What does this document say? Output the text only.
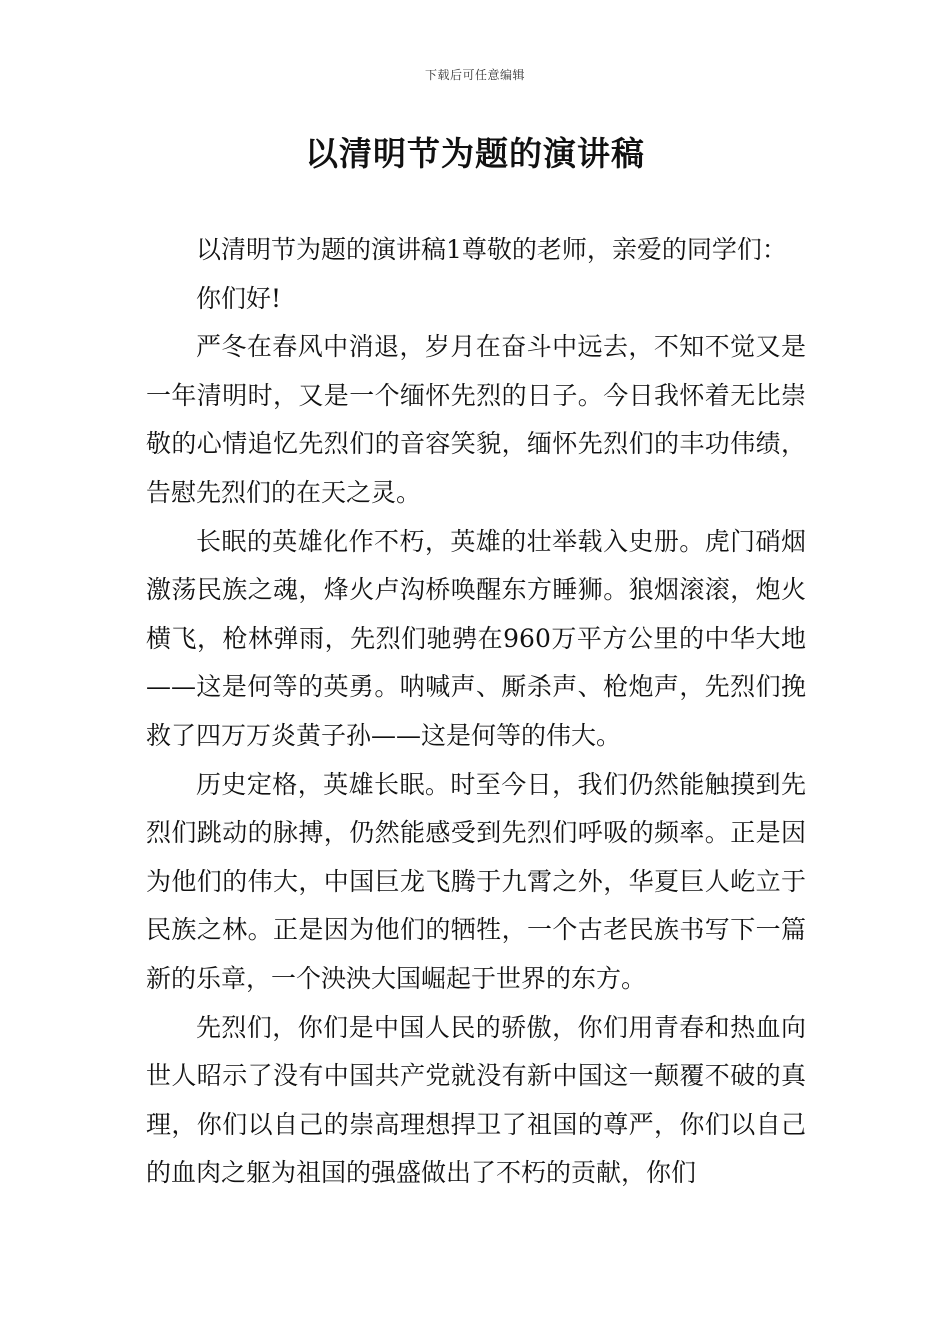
下载后可任意编辑
以清明节为题的演讲稿

以清明节为题的演讲稿1尊敬的老师，亲爱的同学们：

你们好!

严冬在春风中消退，岁月在奋斗中远去，不知不觉又是一年清明时，又是一个缅怀先烈的日子。今日我怀着无比崇敬的心情追忆先烈们的音容笑貌，缅怀先烈们的丰功伟绩，告慰先烈们的在天之灵。

长眠的英雄化作不朽，英雄的壮举载入史册。虎门硝烟激荡民族之魂，烽火卢沟桥唤醒东方睡狮。狼烟滚滚，炮火横飞，枪林弹雨，先烈们驰骋在960万平方公里的中华大地——这是何等的英勇。呐喊声、厮杀声、枪炮声，先烈们挽救了四万万炎黄子孙——这是何等的伟大。

历史定格，英雄长眠。时至今日，我们仍然能触摸到先烈们跳动的脉搏，仍然能感受到先烈们呼吸的频率。正是因为他们的伟大，中国巨龙飞腾于九霄之外，华夏巨人屹立于民族之林。正是因为他们的牺牲，一个古老民族书写下一篇新的乐章，一个泱泱大国崛起于世界的东方。

先烈们，你们是中国人民的骄傲，你们用青春和热血向世人昭示了没有中国共产党就没有新中国这一颠覆不破的真理，你们以自己的崇高理想捍卫了祖国的尊严，你们以自己的血肉之躯为祖国的强盛做出了不朽的贡献，你们
